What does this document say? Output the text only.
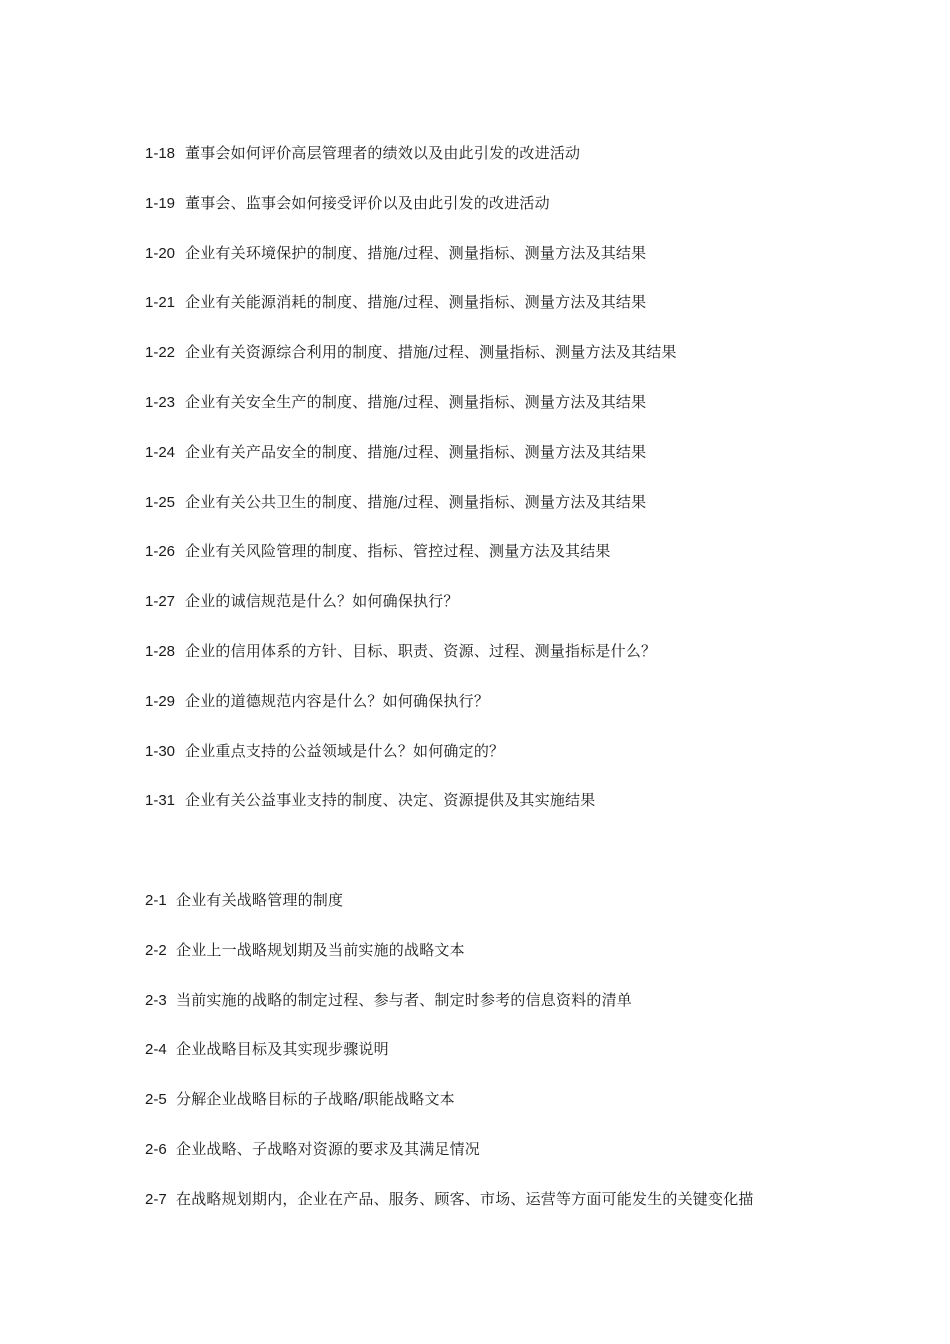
1-18 董事会如何评价高层管理者的绩效以及由此引发的改进活动
1-19 董事会、监事会如何接受评价以及由此引发的改进活动
1-20 企业有关环境保护的制度、措施/过程、测量指标、测量方法及其结果
1-21 企业有关能源消耗的制度、措施/过程、测量指标、测量方法及其结果
1-22 企业有关资源综合利用的制度、措施/过程、测量指标、测量方法及其结果
1-23 企业有关安全生产的制度、措施/过程、测量指标、测量方法及其结果
1-24 企业有关产品安全的制度、措施/过程、测量指标、测量方法及其结果
1-25 企业有关公共卫生的制度、措施/过程、测量指标、测量方法及其结果
1-26 企业有关风险管理的制度、指标、管控过程、测量方法及其结果
1-27 企业的诚信规范是什么？如何确保执行？
1-28 企业的信用体系的方针、目标、职责、资源、过程、测量指标是什么？
1-29 企业的道德规范内容是什么？如何确保执行？
1-30 企业重点支持的公益领域是什么？如何确定的？
1-31 企业有关公益事业支持的制度、决定、资源提供及其实施结果
2-1 企业有关战略管理的制度
2-2 企业上一战略规划期及当前实施的战略文本
2-3 当前实施的战略的制定过程、参与者、制定时参考的信息资料的清单
2-4 企业战略目标及其实现步骤说明
2-5 分解企业战略目标的子战略/职能战略文本
2-6 企业战略、子战略对资源的要求及其满足情况
2-7 在战略规划期内，企业在产品、服务、顾客、市场、运营等方面可能发生的关键变化描
